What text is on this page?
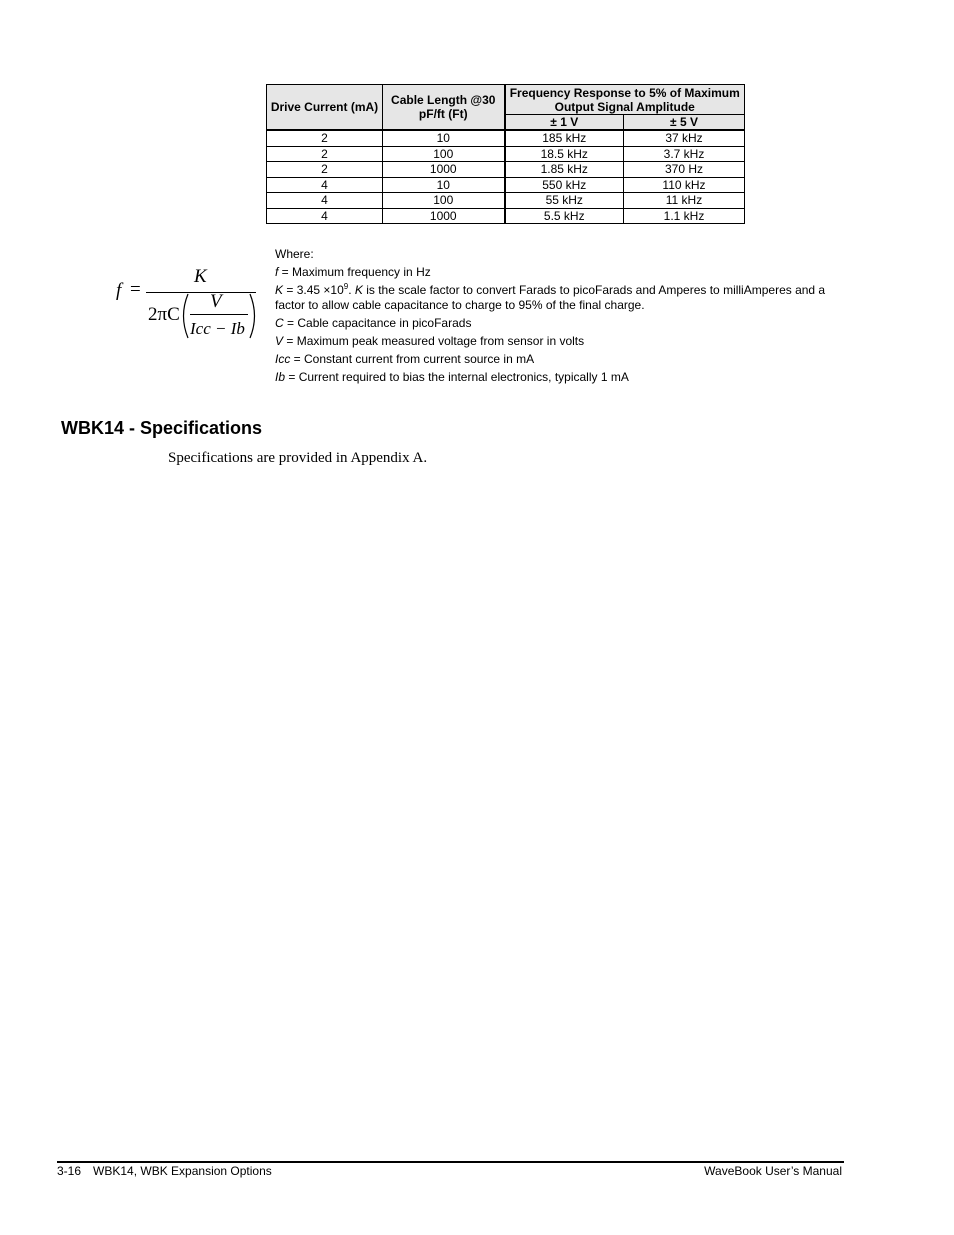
Drive Current (mA)	Cable Length @30 pF/ft (Ft)	Frequency Response to 5% of Maximum Output Signal Amplitude	
		± 1 V	± 5 V
2	10	185 kHz	37 kHz
2	100	18.5 kHz	3.7 kHz
2	1000	1.85 kHz	370 Hz
4	10	550 kHz	110 kHz
4	100	55 kHz	11 kHz
4	1000	5.5 kHz	1.1 kHz
f =
K
2πC
V
Icc − Ib

Where:

f = Maximum frequency in Hz

$K = 3.45 \times 10^9$. K is the scale factor to convert Farads to picoFarads and Amperes to milliAmperes and a factor to allow cable capacitance to charge to 95% of the final charge.

C = Cable capacitance in picoFarads

V = Maximum peak measured voltage from sensor in volts

Icc = Constant current from current source in mA

Ib = Current required to bias the internal electronics, typically 1 mA

WBK14 - Specifications

Specifications are provided in Appendix A.

3-16 WBK14, WBK Expansion Options	WaveBook User’s Manual
